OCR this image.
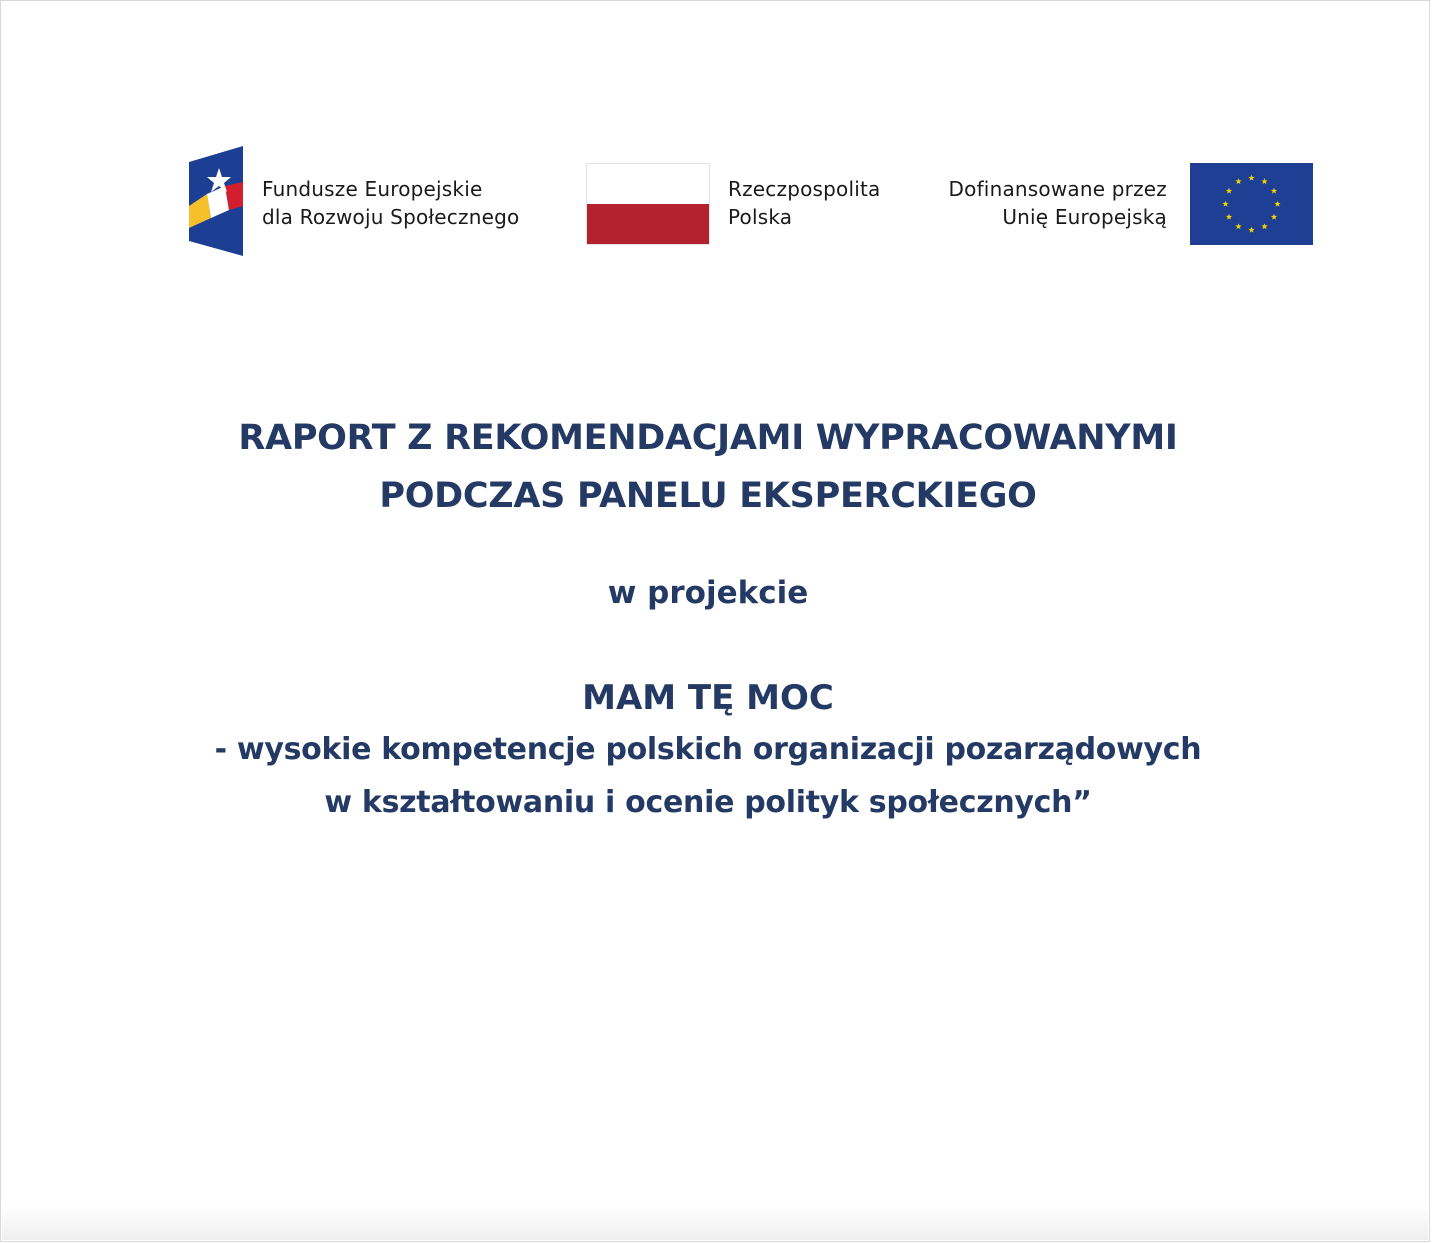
Fundusze Europejskie
dla Rozwoju Społecznego
Rzeczpospolita
Polska
Dofinansowane przez
Unię Europejską
RAPORT Z REKOMENDACJAMI WYPRACOWANYMI
PODCZAS PANELU EKSPERCKIEGO
w projekcie
MAM TĘ MOC
- wysokie kompetencje polskich organizacji pozarządowych
w kształtowaniu i ocenie polityk społecznych”
